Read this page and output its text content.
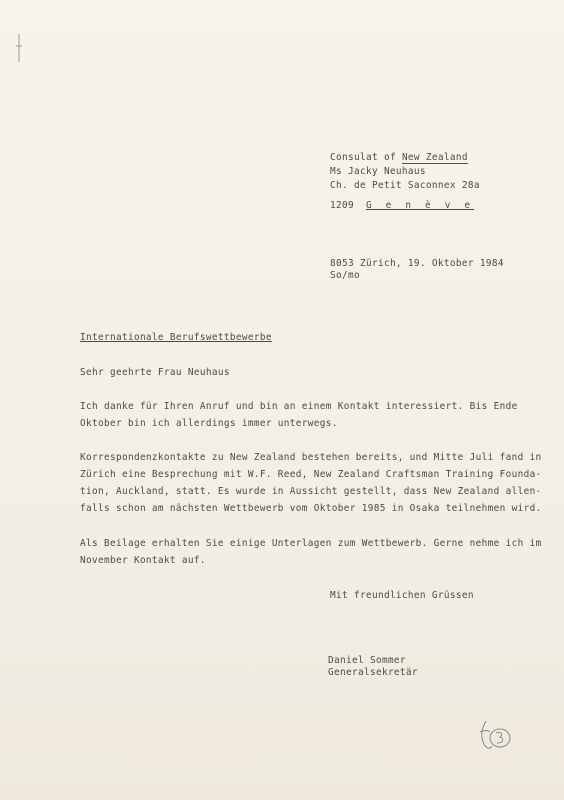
Consulat of New Zealand
Ms Jacky Neuhaus
Ch. de Petit Saconnex 28a
1209 G e n è v e
8053 Zürich, 19. Oktober 1984
So/mo
Internationale Berufswettbewerbe
Sehr geehrte Frau Neuhaus
Ich danke für Ihren Anruf und bin an einem Kontakt interessiert. Bis Ende
Oktober bin ich allerdings immer unterwegs.
Korrespondenzkontakte zu New Zealand bestehen bereits, und Mitte Juli fand in
Zürich eine Besprechung mit W.F. Reed, New Zealand Craftsman Training Founda-
tion, Auckland, statt. Es wurde in Aussicht gestellt, dass New Zealand allen-
falls schon am nächsten Wettbewerb vom Oktober 1985 in Osaka teilnehmen wird.
Als Beilage erhalten Sie einige Unterlagen zum Wettbewerb. Gerne nehme ich im
November Kontakt auf.
Mit freundlichen Grüssen
Daniel Sommer
Generalsekretär
